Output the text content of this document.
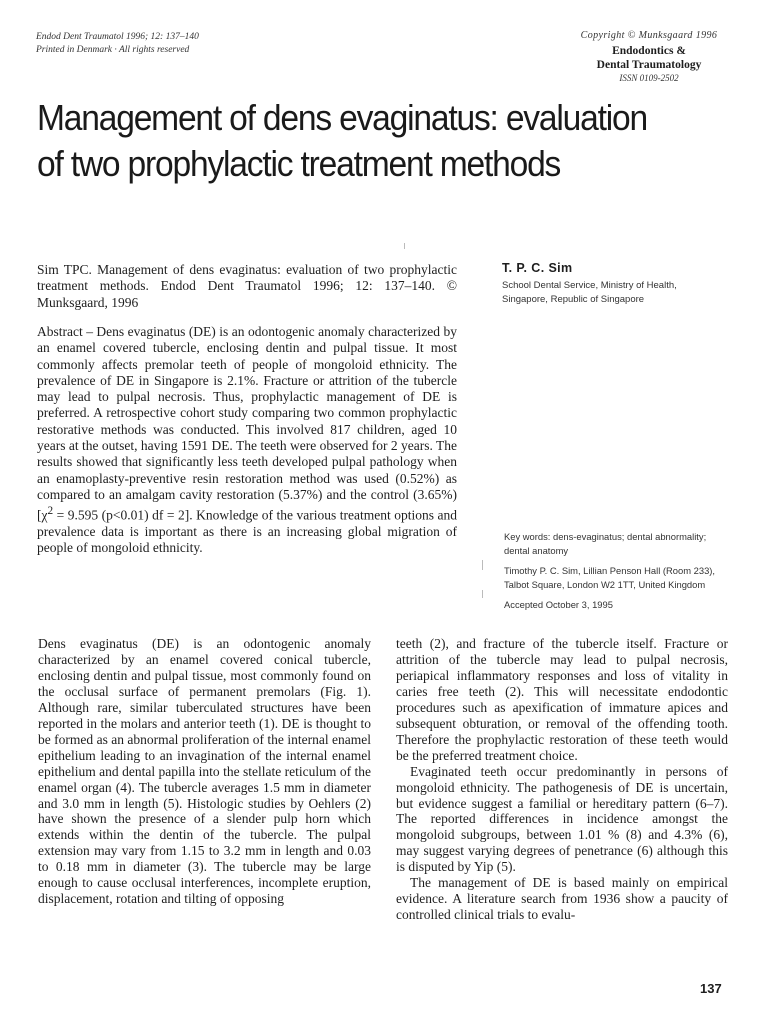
Endod Dent Traumatol 1996; 12: 137–140
Printed in Denmark · All rights reserved
Copyright © Munksgaard 1996
Endodontics &
Dental Traumatology
ISSN 0109-2502
Management of dens evaginatus: evaluation
of two prophylactic treatment methods
Sim TPC. Management of dens evaginatus: evaluation of two prophylactic treatment methods. Endod Dent Traumatol 1996; 12: 137–140. © Munksgaard, 1996
Abstract – Dens evaginatus (DE) is an odontogenic anomaly characterized by an enamel covered tubercle, enclosing dentin and pulpal tissue. It most commonly affects premolar teeth of people of mongoloid ethnicity. The prevalence of DE in Singapore is 2.1%. Fracture or attrition of the tubercle may lead to pulpal necrosis. Thus, prophylactic management of DE is preferred. A retrospective cohort study comparing two common prophylactic restorative methods was conducted. This involved 817 children, aged 10 years at the outset, having 1591 DE. The teeth were observed for 2 years. The results showed that significantly less teeth developed pulpal pathology when an enamoplasty-preventive resin restoration method was used (0.52%) as compared to an amalgam cavity restoration (5.37%) and the control (3.65%) [$\chi^2 = 9.595$ (p<0.01) df = 2]. Knowledge of the various treatment options and prevalence data is important as there is an increasing global migration of people of mongoloid ethnicity.
T. P. C. Sim
School Dental Service, Ministry of Health,
Singapore, Republic of Singapore

Key words: dens-evaginatus; dental abnormality;

dental anatomy

Timothy P. C. Sim, Lillian Penson Hall (Room 233),

Talbot Square, London W2 1TT, United Kingdom

Accepted October 3, 1995

Dens evaginatus (DE) is an odontogenic anomaly characterized by an enamel covered conical tubercle, enclosing dentin and pulpal tissue, most commonly found on the occlusal surface of permanent premolars (Fig. 1). Although rare, similar tuberculated structures have been reported in the molars and anterior teeth (1). DE is thought to be formed as an abnormal proliferation of the internal enamel epithelium leading to an invagination of the internal enamel epithelium and dental papilla into the stellate reticulum of the enamel organ (4). The tubercle averages 1.5 mm in diameter and 3.0 mm in length (5). Histologic studies by Oehlers (2) have shown the presence of a slender pulp horn which extends within the dentin of the tubercle. The pulpal extension may vary from 1.15 to 3.2 mm in length and 0.03 to 0.18 mm in diameter (3). The tubercle may be large enough to cause occlusal interferences, incomplete eruption, displacement, rotation and tilting of opposing

teeth (2), and fracture of the tubercle itself. Fracture or attrition of the tubercle may lead to pulpal necrosis, periapical inflammatory responses and loss of vitality in caries free teeth (2). This will necessitate endodontic procedures such as apexification of immature apices and subsequent obturation, or removal of the offending tooth. Therefore the prophylactic restoration of these teeth would be the preferred treatment choice.

Evaginated teeth occur predominantly in persons of mongoloid ethnicity. The pathogenesis of DE is uncertain, but evidence suggest a familial or hereditary pattern (6–7). The reported differences in incidence amongst the mongoloid subgroups, between 1.01 % (8) and 4.3% (6), may suggest varying degrees of penetrance (6) although this is disputed by Yip (5).

The management of DE is based mainly on empirical evidence. A literature search from 1936 show a paucity of controlled clinical trials to evalu-

137
